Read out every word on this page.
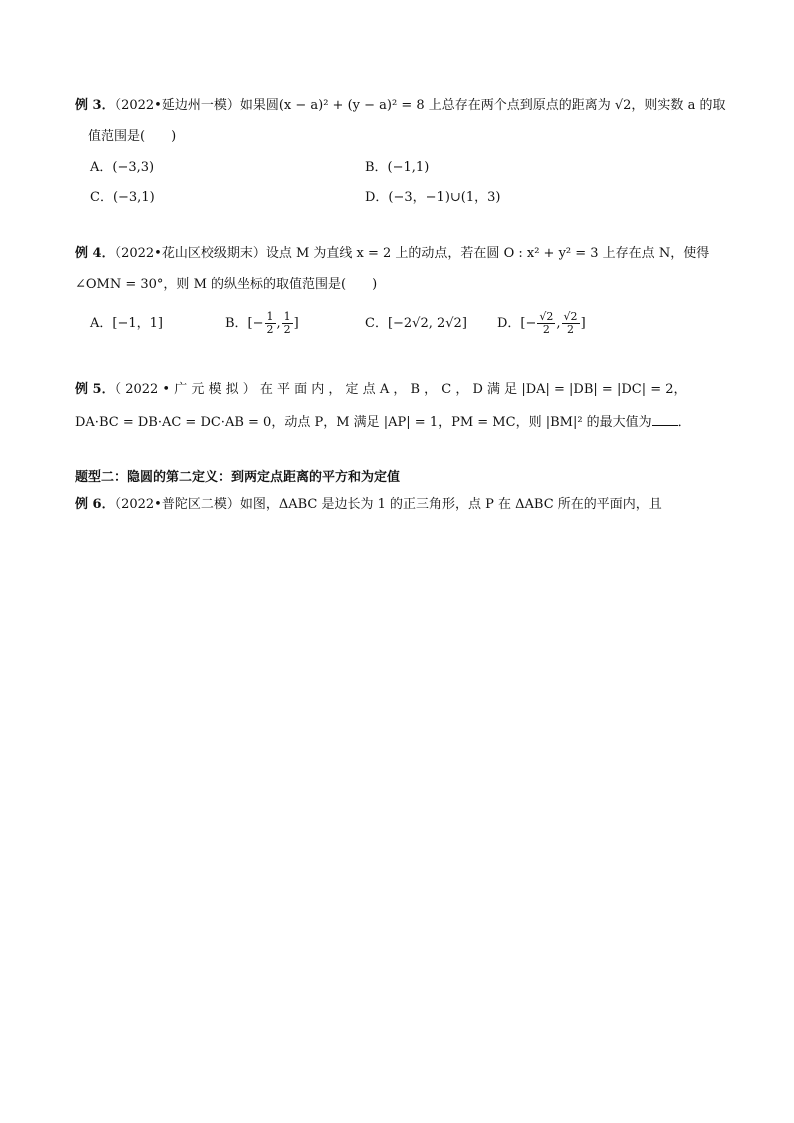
例 3．（2022•延边州一模）如果圆(x − a)² + (y − a)² = 8 上总存在两个点到原点的距离为 √2，则实数 a 的取
值范围是(　　)
A．(−3,3)	B．(−1,1)
C．(−3,1)	D．(−3，−1)∪(1，3)
例 4．（2022•花山区校级期末）设点 M 为直线 x = 2 上的动点，若在圆 O : x² + y² = 3 上存在点 N，使得
∠OMN = 30°，则 M 的纵坐标的取值范围是(　　)
A．[−1，1]	B．[− $\frac{1}{2}$ , $\frac{1}{2}$ ]	C．[−2√2, 2√2] D．[− $\frac{√2}{2}$ , $\frac{√2}{2}$ ]
例 5．（ 2022 • 广 元 模 拟 ） 在 平 面 内 ， 定 点 A ， B ， C ， D 满 足 |DA| = |DB| = |DC| = 2，
DA·BC = DB·AC = DC·AB = 0，动点 P，M 满足 |AP| = 1，PM = MC，则 |BM|² 的最大值为 ．
题型二：隐圆的第二定义：到两定点距离的平方和为定值
例 6．（2022•普陀区二模）如图，ΔABC 是边长为 1 的正三角形，点 P 在 ΔABC 所在的平面内，且
